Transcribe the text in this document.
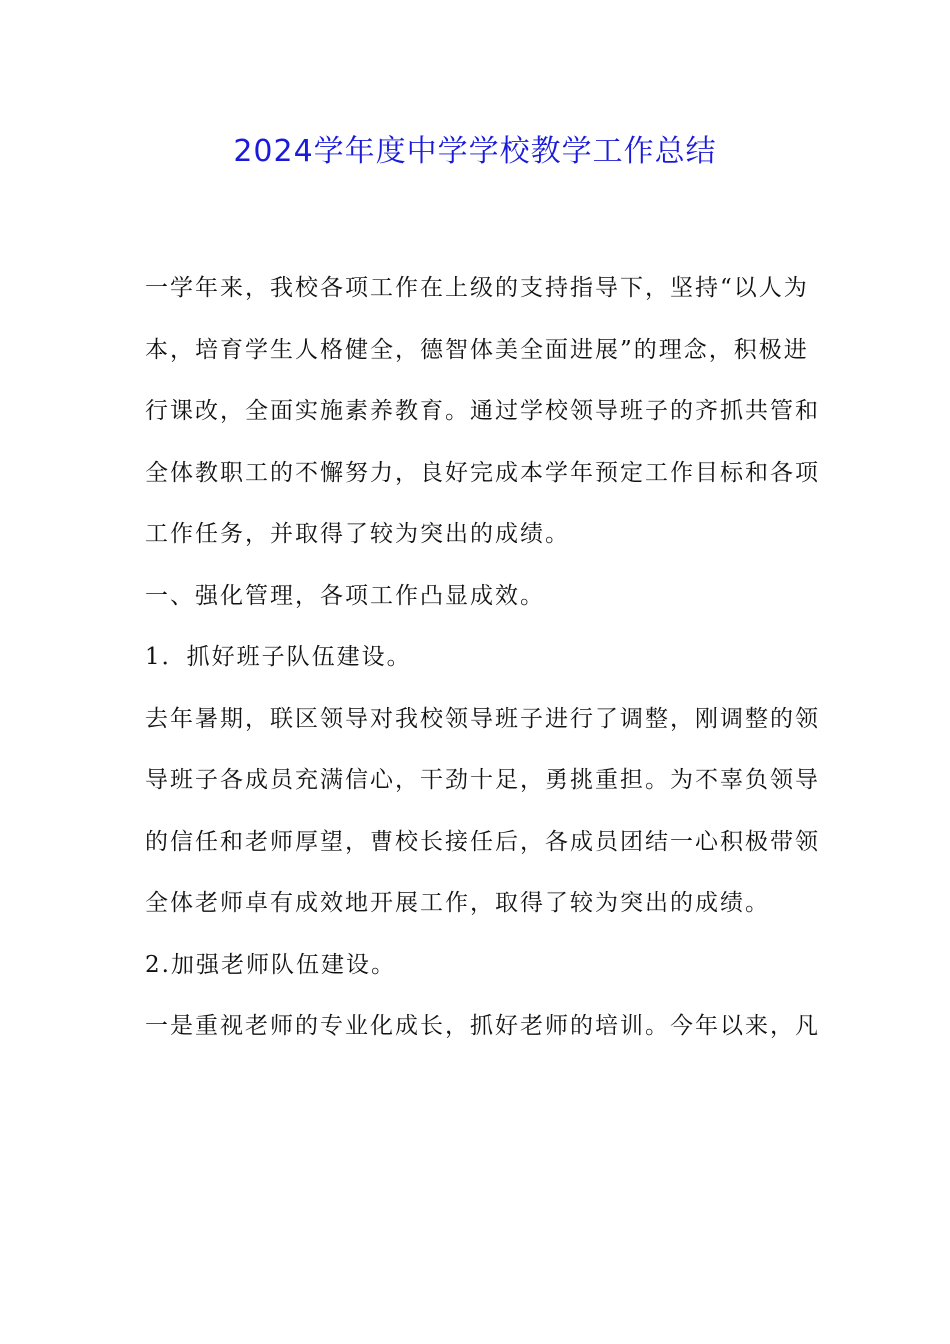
2024学年度中学学校教学工作总结
一学年来，我校各项工作在上级的支持指导下，坚持“以人为
本，培育学生人格健全，德智体美全面进展”的理念，积极进
行课改，全面实施素养教育。通过学校领导班子的齐抓共管和
全体教职工的不懈努力，良好完成本学年预定工作目标和各项
工作任务，并取得了较为突出的成绩。
一、强化管理，各项工作凸显成效。
1．抓好班子队伍建设。
去年暑期，联区领导对我校领导班子进行了调整，刚调整的领
导班子各成员充满信心，干劲十足，勇挑重担。为不辜负领导
的信任和老师厚望，曹校长接任后，各成员团结一心积极带领
全体老师卓有成效地开展工作，取得了较为突出的成绩。
2.加强老师队伍建设。
一是重视老师的专业化成长，抓好老师的培训。今年以来，凡
